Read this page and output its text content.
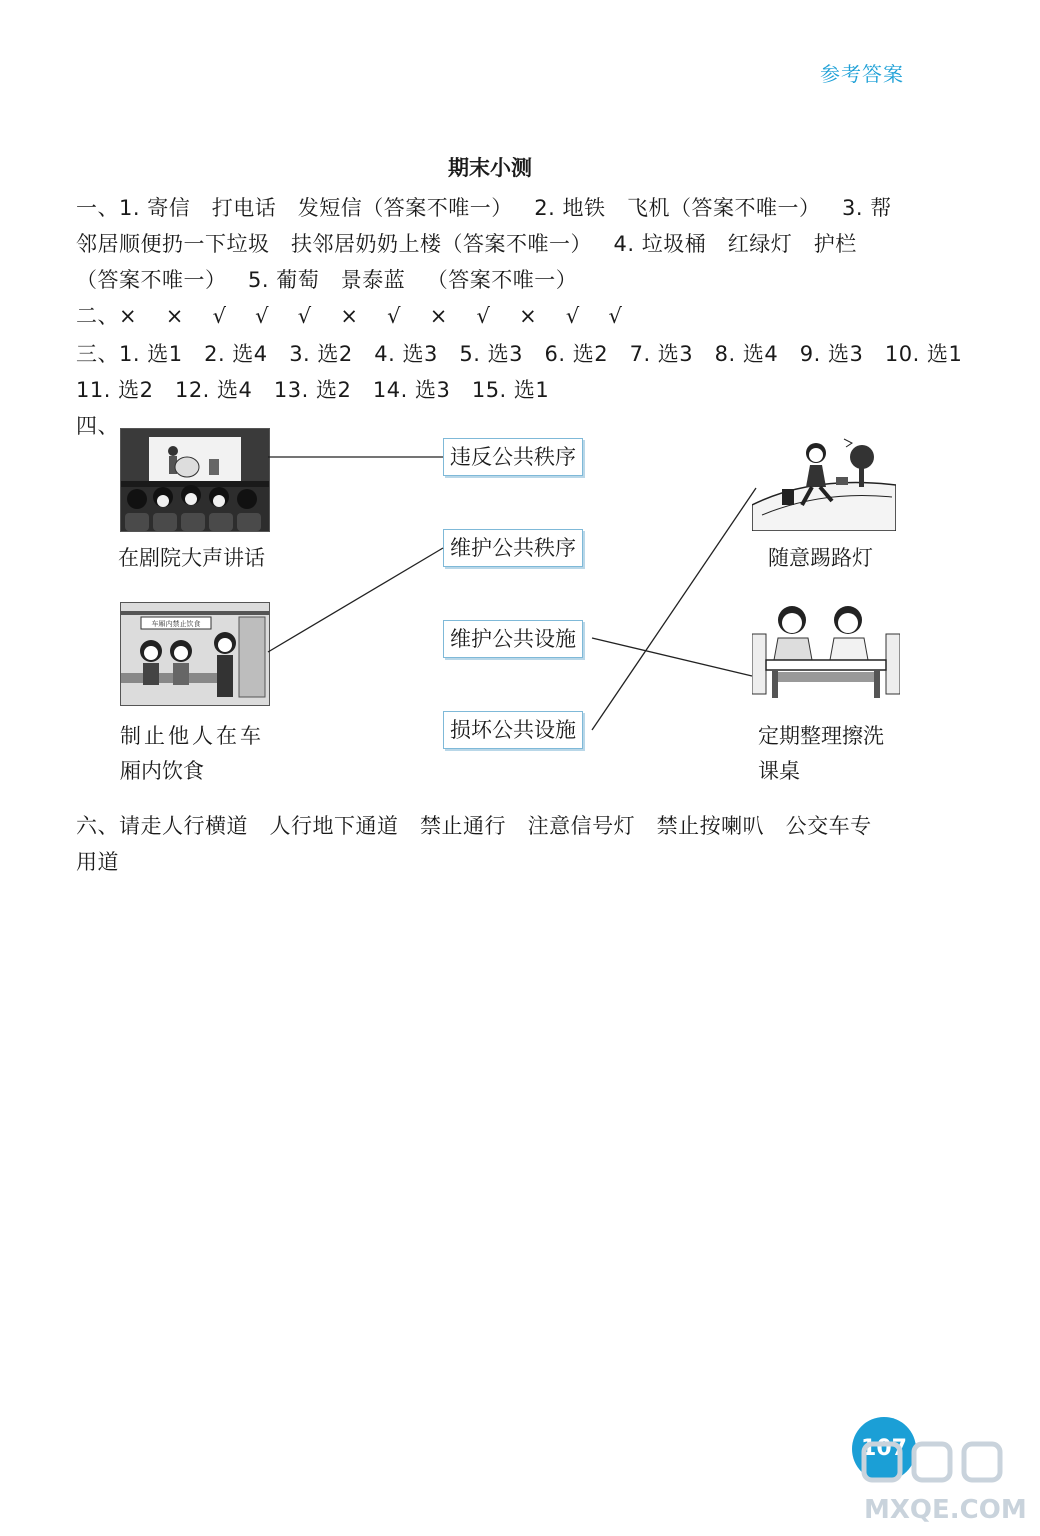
参考答案
期末小测
一、1. 寄信   打电话   发短信（答案不唯一）   2. 地铁   飞机（答案不唯一）   3. 帮
邻居顺便扔一下垃圾   扶邻居奶奶上楼（答案不唯一）   4. 垃圾桶   红绿灯   护栏
（答案不唯一）   5. 葡萄   景泰蓝   （答案不唯一）
二、×    ×    √    √    √    ×    √    ×    √    ×    √    √
三、1. 选1   2. 选4   3. 选2   4. 选3   5. 选3   6. 选2   7. 选3   8. 选4   9. 选3   10. 选1
11. 选2   12. 选4   13. 选2   14. 选3   15. 选1
四、
在剧院大声讲话
车厢内禁止饮食
制止他人在车
厢内饮食
违反公共秩序
维护公共秩序
维护公共设施
损坏公共设施
随意踢路灯
定期整理擦洗
课桌
六、请走人行横道   人行地下通道   禁止通行   注意信号灯   禁止按喇叭   公交车专
用道
107
MXQE.COM
